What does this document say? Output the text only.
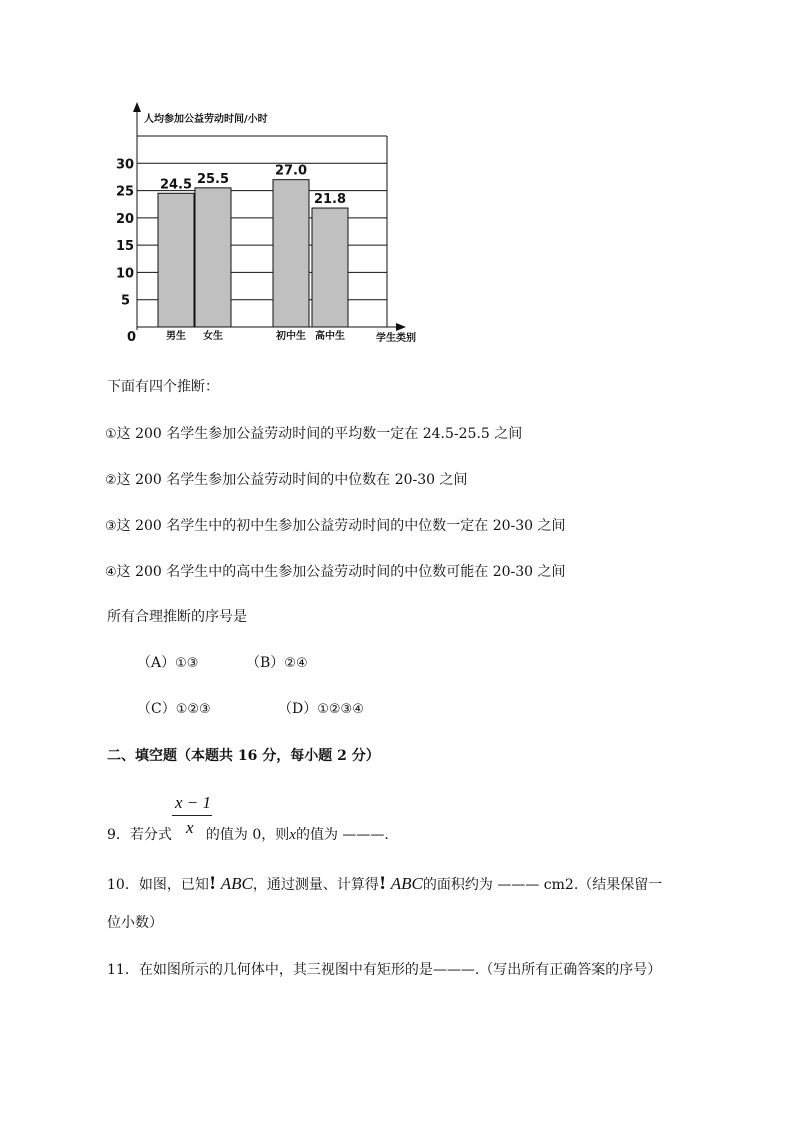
5
10
15
20
25
30
男生 女生	初中生 高中生
24.5 25.5
27.0
21.8
人均参加公益劳动时间/小时
学生类别
0
下面有四个推断：
①这 200 名学生参加公益劳动时间的平均数一定在 24.5-25.5 之间
②这 200 名学生参加公益劳动时间的中位数在 20-30 之间
③这 200 名学生中的初中生参加公益劳动时间的中位数一定在 20-30 之间
④这 200 名学生中的高中生参加公益劳动时间的中位数可能在 20-30 之间
所有合理推断的序号是
（A）①③	（B）②④
（C）①②③	（D）①②③④
二、填空题（本题共 16 分，每小题 2 分）
x − 1
x
9．若分式 的值为 0，则x的值为 ———.
10．如图，已知! ABC，通过测量、计算得! ABC的面积约为 ——— cm2.（结果保留一
位小数）
11．在如图所示的几何体中，其三视图中有矩形的是———.（写出所有正确答案的序号）
